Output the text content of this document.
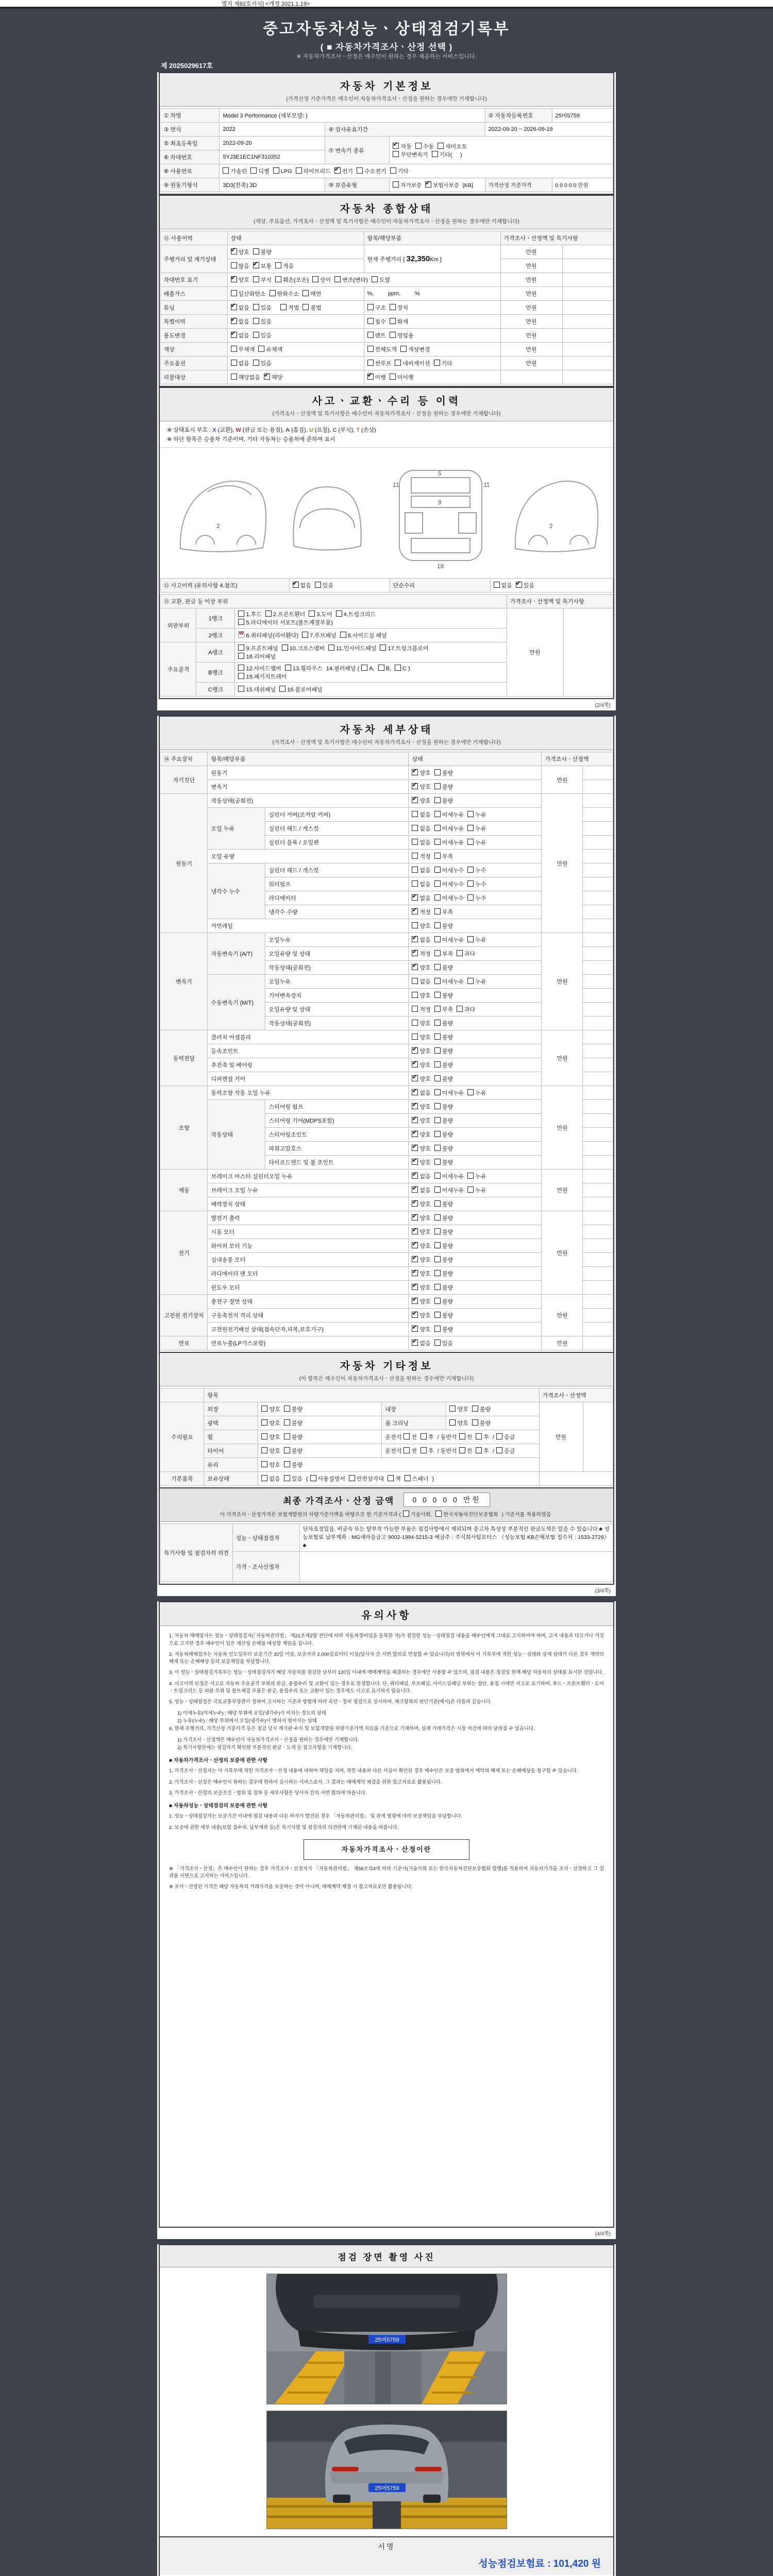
별지 제82호서식] <개정 2021.1.19>
중고자동차성능ㆍ상태점검기록부
( ■ 자동차가격조사ㆍ산정 선택 )
※ 자동차가격조사ㆍ산정은 매수인이 원하는 경우 제공하는 서비스입니다.
제 2025029617호
자동차 기본정보
(가격산정 기준가격은 매수인이 자동차가격조사ㆍ산정을 원하는 경우에만 기재합니다)
① 차명	Model 3 Performance (세부모델: )			② 자동차등록번호	25머5759
③ 연식	2022	④ 검사유효기간		2022-09-20 ~ 2026-09-19	
⑤ 최초등록일	2022-09-20	⑦ 변속기 종류	
✔자동 수동 세미오토
무단변속기 기타(     )

⑥ 차대번호	5YJ3E1EC1NF310352				
⑧ 사용연료	가솔린 디젤 LPG 하이브리드 ✔ 전기 수소전기 기타
⑨ 원동기형식	3D3(전축) 3D	⑩ 보증유형	자가보증 ✔ 보험사보증 [KB]	가격산정 기준가격	0 0 0 0 0 만원
자동차 종합상태
(색상, 주요옵션, 가격조사ㆍ산정액 및 특기사항은 매수인이 자동차가격조사ㆍ산정을 원하는 경우에만 기재합니다)
⑪ 사용이력	상태	항목/해당부품	가격조사ㆍ산정액 및 특기사항	
주행거리 및 계기상태	✔양호 불량	현재 주행거리 [ 32,350Km ]	만원	
	많음 ✔ 보통 적음		만원	
차대번호 표기	✔양호 부식 훼손(오손) 상이 변조(변타) 도말		만원	
배출가스	일산화탄소 탄화수소 매연	%,         ppm,         %	만원	
튜닝	✔없음 있음 적법 불법	구조 장치	만원	
특별이력	✔없음 있음	침수 화재	만원	
용도변경	✔없음 있음	렌트 영업용	만원	
색상	무채색 유채색	전체도색 색상변경	만원	
주요옵션	없음 있음	썬루프 네비게이션 기타	만원	
리콜대상	해당없음 ✔ 해당	✔이행 미이행		
사고ㆍ교환ㆍ수리 등 이력
(가격조사ㆍ산정액 및 특기사항은 매수인이 자동차가격조사ㆍ산정을 원하는 경우에만 기재합니다)
※ 상태표시 부호 : X (교환), W (판금 또는 용접), A (흠집), U (요철), C (부식), T (손상)
※ 하단 항목은 승용차 기준이며, 기타 자동차는 승용차에 준하여 표시
2
5
9
11	11
18
2
⑫ 사고이력 (유의사항 4.참조)	✔없음 있음	단순수리	없음 ✔ 있음
⑬ 교환, 판금 등 이상 부위			가격조사ㆍ산정액 및 특기사항	
외판부위	1랭크	1.후드 2.프론트휀더 3.도어 4.트렁크리드
5.라디에이터 서포트(볼트체결부품)	만원	
	2랭크	
W6.쿼터패널(리어휀다) 7.루브패널 8.사이드실 패널

주요골격	A랭크	9.프론트패널 10.크로스멤버 11.인사이드패널 17.트렁크플로어
18.리어패널		

	B랭크	12.사이드멤버 13.휠하우스 14.필러패널 ( A, B, C )
19.패키지트레이		

	C랭크	15.대쉬패널 16.플로어패널		
(2/4쪽)
자동차 세부상태
(가격조사ㆍ산정액 및 특기사항은 매수인이 자동차가격조사ㆍ산정을 원하는 경우에만 기재합니다)
⑭ 주요장치	항목/해당부품		상태	가격조사ㆍ산정액	
자기진단	원동기	✔양호 불량	만원	
	변속기	✔양호 불량	
원동기	작동상태(공회전)	✔양호 불량	만원	
	오일 누유	실린더 커버(로커암 커버)	없음 미세누유 누유		
		실린더 헤드 / 개스킷	없음 미세누유 누유		
		실린더 블록 / 오일팬	없음 미세누유 누유		
	오일 유량		적정 부족		
	냉각수 누수	실린더 헤드 / 개스킷	없음 미세누수 누수		
		워터펌프	없음 미세누수 누수		
		라디에이터	✔없음 미세누수 누수	
		냉각수 수량	✔적정 부족	
	커먼레일		양호 불량		
변속기	자동변속기 (A/T)	오일누유	✔없음 미세누유 누유	만원	
		오일유량 및 상태	✔적정 부족 과다	
		작동상태(공회전)	✔양호 불량	
	수동변속기 (M/T)	오일누유	없음 미세누유 누유		
		기어변속장치	양호 불량		
		오일유량 및 상태	적정 부족 과다		
		작동상태(공회전)	양호 불량		
동력전달	클러치 어셈블리		양호 불량	만원	
	등속조인트	✔양호 불량	
	추진축 및 베어링	✔양호 불량	
	디퍼렌셜 기어	✔양호 불량	
조향	동력조향 작동 오일 누유	✔없음 미세누유 누유	만원	
	작동상태	스티어링 펌프	✔양호 불량	
		스티어링 기어(MDPS포함)	✔양호 불량	
		스티어링조인트	✔양호 불량	
		파워고압호스	✔양호 불량	
		타이로드엔드 및 볼 조인트	✔양호 불량	
제동	브레이크 마스터 실린더오일 누유	✔없음 미세누유 누유	만원	
	브레이크 오일 누유	✔없음 미세누유 누유	
	배력장치 상태	✔양호 불량	
전기	발전기 출력	✔양호 불량	만원	
	시동 모터	✔양호 불량	
	와이퍼 모터 기능	✔양호 불량	
	실내송풍 모터	✔양호 불량	
	라디에이터 팬 모터	✔양호 불량	
	윈도우 모터	✔양호 불량	
고전원 전기장치	충전구 절연 상태	✔양호 불량	만원	
	구동축전지 격리 상태	✔양호 불량	
	고전원전기배선 상태(접속단자,피복,보호기구)	✔양호 불량	
연료	연료누출(LP가스포함)	✔없음 있음	만원	
자동차 기타정보
(이 항목은 매수인이 자동차가격조사ㆍ산정을 원하는 경우에만 기재합니다)
	항목				가격조사ㆍ산정액	
수리필요	외장	양호 불량	내장	양호 불량	만원	
	광택	양호 불량	룸 크리닝	양호 불량		
	휠	양호 불량	운전석 전 후 / 동반석 전 후 / 응급			
	타이어	양호 불량	운전석 전 후 / 동반석 전 후 / 응급			
	유리	양호 불량				
기본품목	보유상태	없음 있음 ( 사용설명서 안전삼각대 잭 스패너 )				
최종 가격조사ㆍ산정 금액	0 0 0 0 0 만원
이 가격조사ㆍ산정가격은 보험개발원의 차량기준가액을 바탕으로 한 기준가격과 ( 기술사회, 한국자동차진단보증협회 ) 기준서를 적용하였음
특기사항 및 점검자의 의견	성능ㆍ상태점검자	단차조정있음, 비금속 또는 탈부착 가능한 부품은 점검사항에서 제외되며 중고차 특성상 부분적인 판금도색은 있을 수 있습니다.♣ 성능보험료 납부계좌 : MG새마을금고 9002-1994-5215-3 예금주 : 주식회사텀모터스 《성능보험 KB손해보험 접수처 : 1533-2729》 ♣
	가격ㆍ조사산정자	
(3/4쪽)
유의사항
1. 자동차 매매업자는 성능ㆍ상태점검자(「자동차관리법」 제21조제2항 전단에 따라 자동차정비업을 등록한 자)가 점검한 성능ㆍ상태점검 내용을 매수인에게 그대로 고지하여야 하며, 고지 내용과 다르거나 거짓으로 고지한 경우 매수인이 입은 재산상 손해를 배상할 책임을 집니다.
2. 자동차매매업자는 자동차 인도일부터 보증기간 30일 이상, 보증거리 2,000킬로미터 이상(당사자 간 서면 합의로 연장할 수 있습니다)의 범위에서 이 기록부에 적힌 성능ㆍ상태와 실제 상태가 다른 경우 계약의 해제 또는 손해배상 등의 보증책임을 부담합니다.
3. 이 성능ㆍ상태점검기록부는 성능ㆍ상태점검자가 해당 자동차를 점검한 날부터 120일 이내에 매매계약을 체결하는 경우에만 사용할 수 있으며, 점검 내용은 점검일 현재 해당 자동차의 상태를 표시한 것입니다.
4. 사고이력 인정은 사고로 자동차 주요골격 부위의 판금, 용접수리 및 교환이 있는 경우로 한정합니다. 단, 쿼터패널, 루프패널, 사이드실패널 부위는 절단, 용접 시에만 사고로 표기하며, 후드ㆍ프론트휀더ㆍ도어ㆍ트렁크리드 등 외판 부위 및 볼트체결 부품은 판금, 용접수리 또는 교환이 있는 경우에도 사고로 표기하지 않습니다.
5. 성능ㆍ상태점검은 국토교통부장관이 정하여 고시하는 기준과 방법에 따라 육안ㆍ장비 점검으로 실시하며, 체크항목의 판단기준(예시)은 다음과 같습니다.
1) 미세누유(미세누수) : 해당 부위에 오일(냉각수)이 비치는 정도의 상태
2) 누유(누수) : 해당 부위에서 오일(냉각수)이 맺혀서 떨어지는 상태
6. 현재 주행거리, 가격산정 기준가격 등은 점검 당시 계기판 수치 및 보험개발원 차량기준가액 자료를 기준으로 기재하며, 실제 거래가격은 시장 여건에 따라 달라질 수 있습니다.
1) 가격조사ㆍ산정액은 매수인이 자동차가격조사ㆍ산정을 원하는 경우에만 기재합니다.
2) 특기사항란에는 점검자가 확인한 부분적인 판금ㆍ도색 등 참고사항을 기재합니다.
■ 자동차가격조사ㆍ산정의 보증에 관한 사항
1. 가격조사ㆍ산정자는 이 기록부에 적힌 가격조사ㆍ산정 내용에 대하여 책임을 지며, 적힌 내용과 다른 사실이 확인된 경우 매수인은 보증 범위에서 계약의 해제 또는 손해배상을 청구할 수 있습니다.
2. 가격조사ㆍ산정은 매수인이 원하는 경우에 한하여 실시하는 서비스로서, 그 결과는 매매계약 체결을 위한 참고자료로 활용됩니다.
3. 가격조사ㆍ산정의 보증조건ㆍ범위 및 절차 등 세부사항은 당사자 간의 서면 합의에 따릅니다.
■ 자동차성능ㆍ상태점검의 보증에 관한 사항
1. 성능ㆍ상태점검자는 보증기간 이내에 점검 내용과 다른 하자가 발견된 경우 「자동차관리법」 및 관계 법령에 따라 보증책임을 부담합니다.
2. 보증에 관한 세부 내용(보험 접수처, 납부계좌 등)은 특기사항 및 점검자의 의견란에 기재된 내용을 따릅니다.
자동차가격조사ㆍ산정이란
※ 「가격조사ㆍ산정」은 매수인이 원하는 경우 가격조사ㆍ산정자가 「자동차관리법」 제58조의4에 따라 기준서(기술사회 또는 한국자동차진단보증협회 발행)를 적용하여 자동차가격을 조사ㆍ산정하고 그 결과를 서면으로 고지하는 서비스입니다.
※ 조사ㆍ산정된 가격은 해당 자동차의 거래가격을 보증하는 것이 아니며, 매매계약 체결 시 참고자료로만 활용됩니다.
(4/4쪽)
점검 장면 촬영 사진
25머5759
25머5759
서명
성능점검보험료 : 101,420 원
